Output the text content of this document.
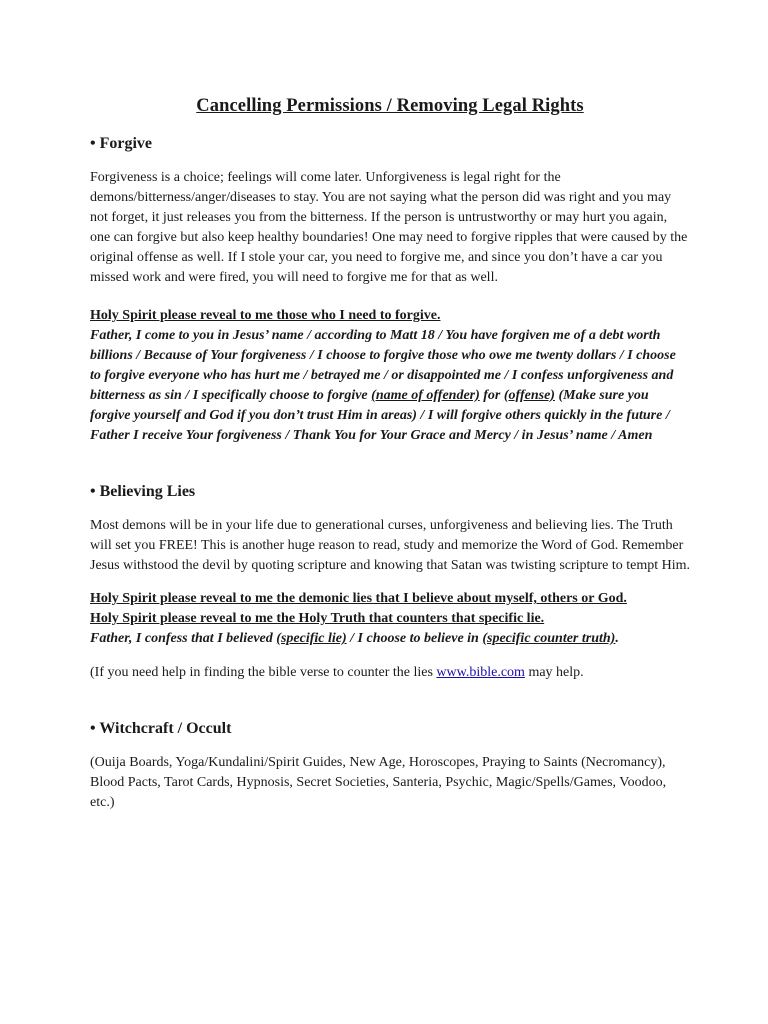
Cancelling Permissions / Removing Legal Rights
• Forgive

Forgiveness is a choice; feelings will come later. Unforgiveness is legal right for the demons/bitterness/anger/diseases to stay. You are not saying what the person did was right and you may not forget, it just releases you from the bitterness. If the person is untrustworthy or may hurt you again, one can forgive but also keep healthy boundaries! One may need to forgive ripples that were caused by the original offense as well. If I stole your car, you need to forgive me, and since you don’t have a car you missed work and were fired, you will need to forgive me for that as well.

Holy Spirit please reveal to me those who I need to forgive.
Father, I come to you in Jesus’ name / according to Matt 18 / You have forgiven me of a debt worth billions / Because of Your forgiveness / I choose to forgive those who owe me twenty dollars / I choose to forgive everyone who has hurt me / betrayed me / or disappointed me / I confess unforgiveness and bitterness as sin / I specifically choose to forgive (name of offender) for (offense) (Make sure you forgive yourself and God if you don’t trust Him in areas) / I will forgive others quickly in the future / Father I receive Your forgiveness / Thank You for Your Grace and Mercy / in Jesus’ name / Amen
• Believing Lies

Most demons will be in your life due to generational curses, unforgiveness and believing lies. The Truth will set you FREE! This is another huge reason to read, study and memorize the Word of God. Remember Jesus withstood the devil by quoting scripture and knowing that Satan was twisting scripture to tempt Him.

Holy Spirit please reveal to me the demonic lies that I believe about myself, others or God.
Holy Spirit please reveal to me the Holy Truth that counters that specific lie.
Father, I confess that I believed (specific lie) / I choose to believe in (specific counter truth).

(If you need help in finding the bible verse to counter the lies www.bible.com may help.

• Witchcraft / Occult

(Ouija Boards, Yoga/Kundalini/Spirit Guides, New Age, Horoscopes, Praying to Saints (Necromancy), Blood Pacts, Tarot Cards, Hypnosis, Secret Societies, Santeria, Psychic, Magic/Spells/Games, Voodoo, etc.)
